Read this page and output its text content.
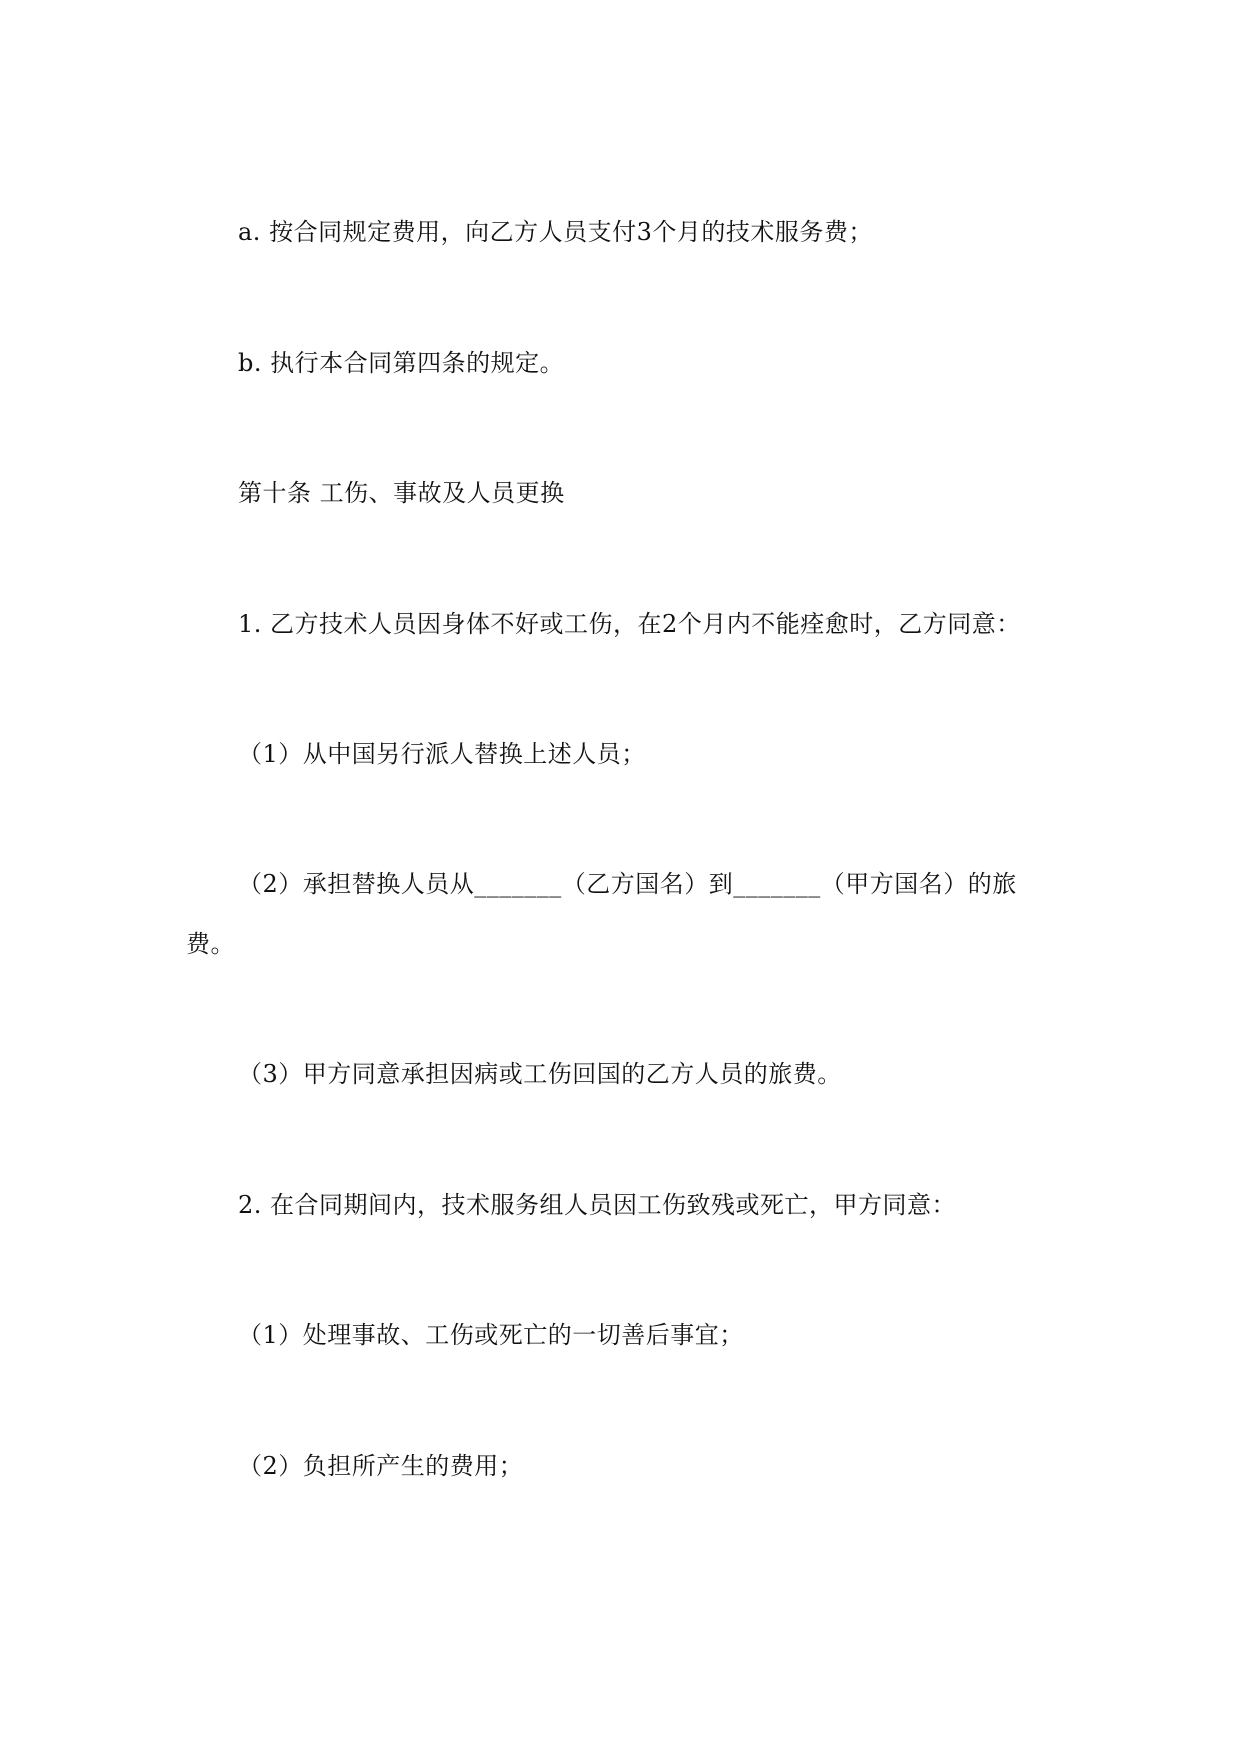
a. 按合同规定费用，向乙方人员支付3个月的技术服务费；
b. 执行本合同第四条的规定。
第十条 工伤、事故及人员更换
1. 乙方技术人员因身体不好或工伤，在2个月内不能痊愈时，乙方同意：
（1）从中国另行派人替换上述人员；
（2）承担替换人员从_______（乙方国名）到_______（甲方国名）的旅
费。
（3）甲方同意承担因病或工伤回国的乙方人员的旅费。
2. 在合同期间内，技术服务组人员因工伤致残或死亡，甲方同意：
（1）处理事故、工伤或死亡的一切善后事宜；
（2）负担所产生的费用；
